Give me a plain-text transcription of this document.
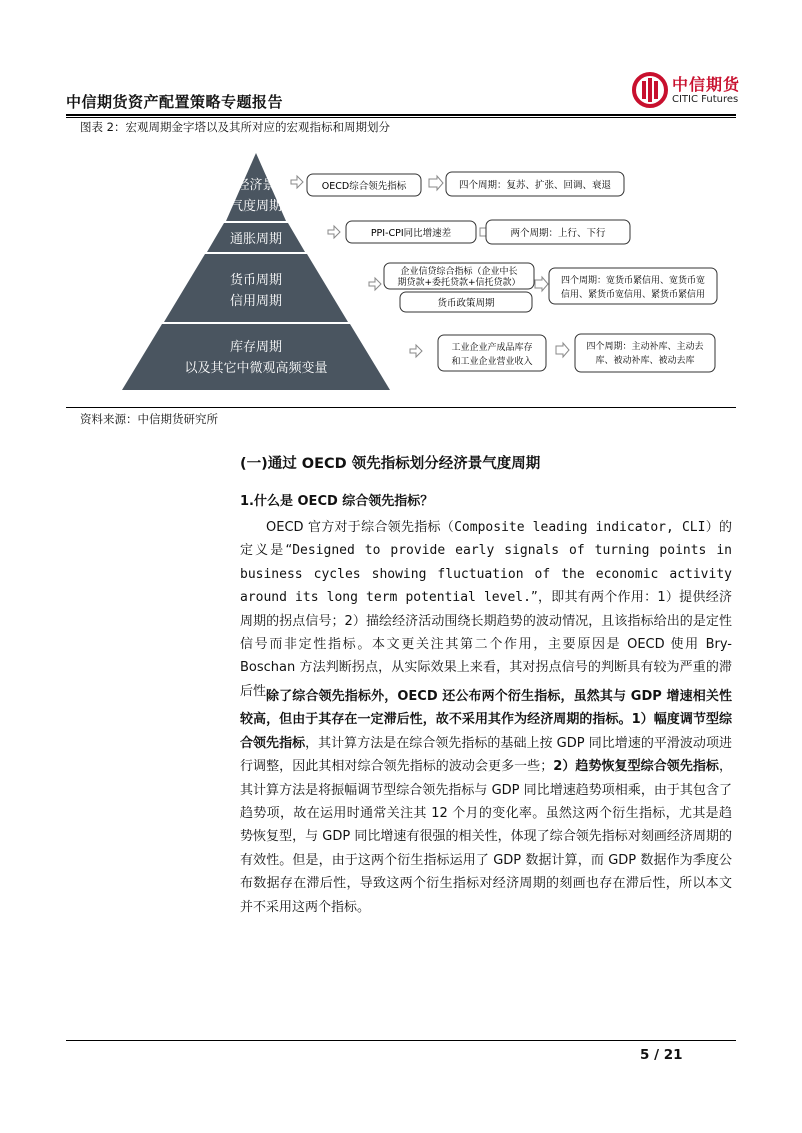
中信期货资产配置策略专题报告
中信期货
CITIC Futures
图表 2：宏观周期金字塔以及其所对应的宏观指标和周期划分
经济景
气度周期
通胀周期
货币周期
信用周期
库存周期
以及其它中微观高频变量
OECD综合领先指标	四个周期：复苏、扩张、回调、衰退
PPI-CPI同比增速差	两个周期：上行、下行
企业信贷综合指标（企业中长
期贷款+委托贷款+信托贷款）
货币政策周期
四个周期：宽货币紧信用、宽货币宽
信用、紧货币宽信用、紧货币紧信用
工业企业产成品库存
和工业企业营业收入
四个周期：主动补库、主动去
库、被动补库、被动去库
资料来源：中信期货研究所
(一)通过 OECD 领先指标划分经济景气度周期
1.什么是 OECD 综合领先指标？

OECD 官方对于综合领先指标（Composite leading indicator, CLI）的定义是“Designed to provide early signals of turning points in business cycles showing fluctuation of the economic activity around its long term potential level.”，即其有两个作用：1）提供经济周期的拐点信号；2）描绘经济活动围绕长期趋势的波动情况，且该指标给出的是定性信号而非定性指标。本文更关注其第二个作用，主要原因是 OECD 使用 Bry-Boschan 方法判断拐点，从实际效果上来看，其对拐点信号的判断具有较为严重的滞后性。

除了综合领先指标外，OECD 还公布两个衍生指标，虽然其与 GDP 增速相关性较高，但由于其存在一定滞后性，故不采用其作为经济周期的指标。1）幅度调节型综合领先指标，其计算方法是在综合领先指标的基础上按 GDP 同比增速的平滑波动项进行调整，因此其相对综合领先指标的波动会更多一些；2）趋势恢复型综合领先指标，其计算方法是将振幅调节型综合领先指标与 GDP 同比增速趋势项相乘，由于其包含了趋势项，故在运用时通常关注其 12 个月的变化率。虽然这两个衍生指标，尤其是趋势恢复型，与 GDP 同比增速有很强的相关性，体现了综合领先指标对刻画经济周期的有效性。但是，由于这两个衍生指标运用了 GDP 数据计算，而 GDP 数据作为季度公布数据存在滞后性，导致这两个衍生指标对经济周期的刻画也存在滞后性，所以本文并不采用这两个指标。

5 / 21
